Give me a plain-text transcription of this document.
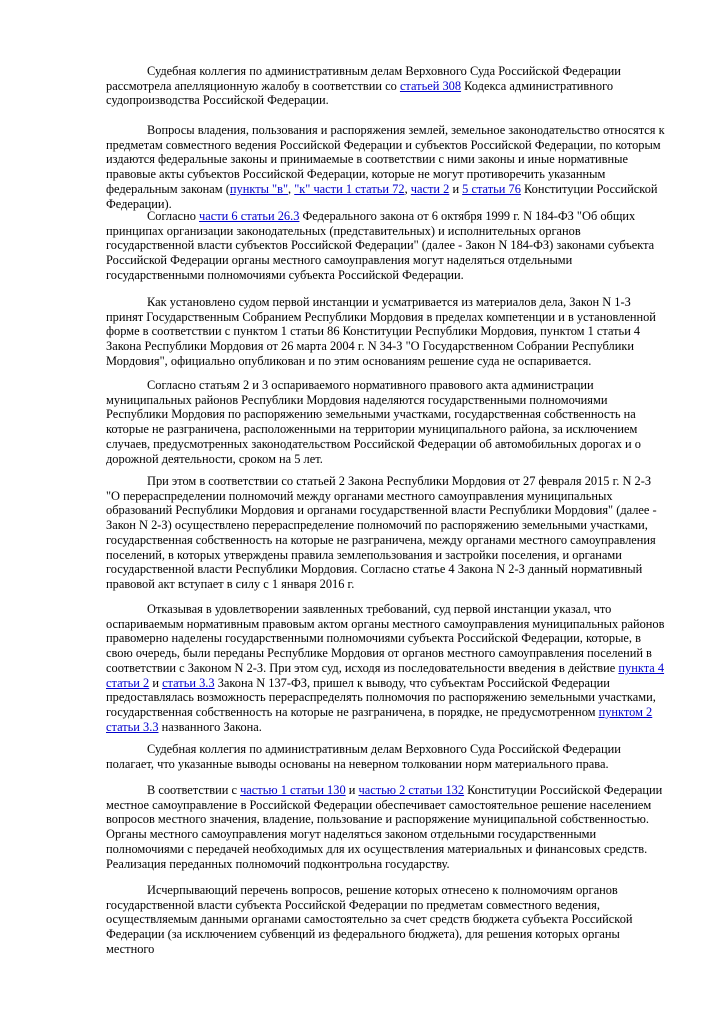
Судебная коллегия по административным делам Верховного Суда Российской Федерации рассмотрела апелляционную жалобу в соответствии со статьей 308 Кодекса административного судопроизводства Российской Федерации.

Вопросы владения, пользования и распоряжения землей, земельное законодательство относятся к предметам совместного ведения Российской Федерации и субъектов Российской Федерации, по которым издаются федеральные законы и принимаемые в соответствии с ними законы и иные нормативные правовые акты субъектов Российской Федерации, которые не могут противоречить указанным федеральным законам (пункты "в", "к" части 1 статьи 72, части 2 и 5 статьи 76 Конституции Российской Федерации).

Согласно части 6 статьи 26.3 Федерального закона от 6 октября 1999 г. N 184-ФЗ "Об общих принципах организации законодательных (представительных) и исполнительных органов государственной власти субъектов Российской Федерации" (далее - Закон N 184-ФЗ) законами субъекта Российской Федерации органы местного самоуправления могут наделяться отдельными государственными полномочиями субъекта Российской Федерации.

Как установлено судом первой инстанции и усматривается из материалов дела, Закон N 1-З принят Государственным Собранием Республики Мордовия в пределах компетенции и в установленной форме в соответствии с пунктом 1 статьи 86 Конституции Республики Мордовия, пунктом 1 статьи 4 Закона Республики Мордовия от 26 марта 2004 г. N 34-З "О Государственном Собрании Республики Мордовия", официально опубликован и по этим основаниям решение суда не оспаривается.

Согласно статьям 2 и 3 оспариваемого нормативного правового акта администрации муниципальных районов Республики Мордовия наделяются государственными полномочиями Республики Мордовия по распоряжению земельными участками, государственная собственность на которые не разграничена, расположенными на территории муниципального района, за исключением случаев, предусмотренных законодательством Российской Федерации об автомобильных дорогах и о дорожной деятельности, сроком на 5 лет.

При этом в соответствии со статьей 2 Закона Республики Мордовия от 27 февраля 2015 г. N 2-З "О перераспределении полномочий между органами местного самоуправления муниципальных образований Республики Мордовия и органами государственной власти Республики Мордовия" (далее - Закон N 2-З) осуществлено перераспределение полномочий по распоряжению земельными участками, государственная собственность на которые не разграничена, между органами местного самоуправления поселений, в которых утверждены правила землепользования и застройки поселения, и органами государственной власти Республики Мордовия. Согласно статье 4 Закона N 2-З данный нормативный правовой акт вступает в силу с 1 января 2016 г.

Отказывая в удовлетворении заявленных требований, суд первой инстанции указал, что оспариваемым нормативным правовым актом органы местного самоуправления муниципальных районов правомерно наделены государственными полномочиями субъекта Российской Федерации, которые, в свою очередь, были переданы Республике Мордовия от органов местного самоуправления поселений в соответствии с Законом N 2-З. При этом суд, исходя из последовательности введения в действие пункта 4 статьи 2 и статьи 3.3 Закона N 137-ФЗ, пришел к выводу, что субъектам Российской Федерации предоставлялась возможность перераспределять полномочия по распоряжению земельными участками, государственная собственность на которые не разграничена, в порядке, не предусмотренном пунктом 2 статьи 3.3 названного Закона.

Судебная коллегия по административным делам Верховного Суда Российской Федерации полагает, что указанные выводы основаны на неверном толковании норм материального права.

В соответствии с частью 1 статьи 130 и частью 2 статьи 132 Конституции Российской Федерации местное самоуправление в Российской Федерации обеспечивает самостоятельное решение населением вопросов местного значения, владение, пользование и распоряжение муниципальной собственностью. Органы местного самоуправления могут наделяться законом отдельными государственными полномочиями с передачей необходимых для их осуществления материальных и финансовых средств. Реализация переданных полномочий подконтрольна государству.

Исчерпывающий перечень вопросов, решение которых отнесено к полномочиям органов государственной власти субъекта Российской Федерации по предметам совместного ведения, осуществляемым данными органами самостоятельно за счет средств бюджета субъекта Российской Федерации (за исключением субвенций из федерального бюджета), для решения которых органы местного
